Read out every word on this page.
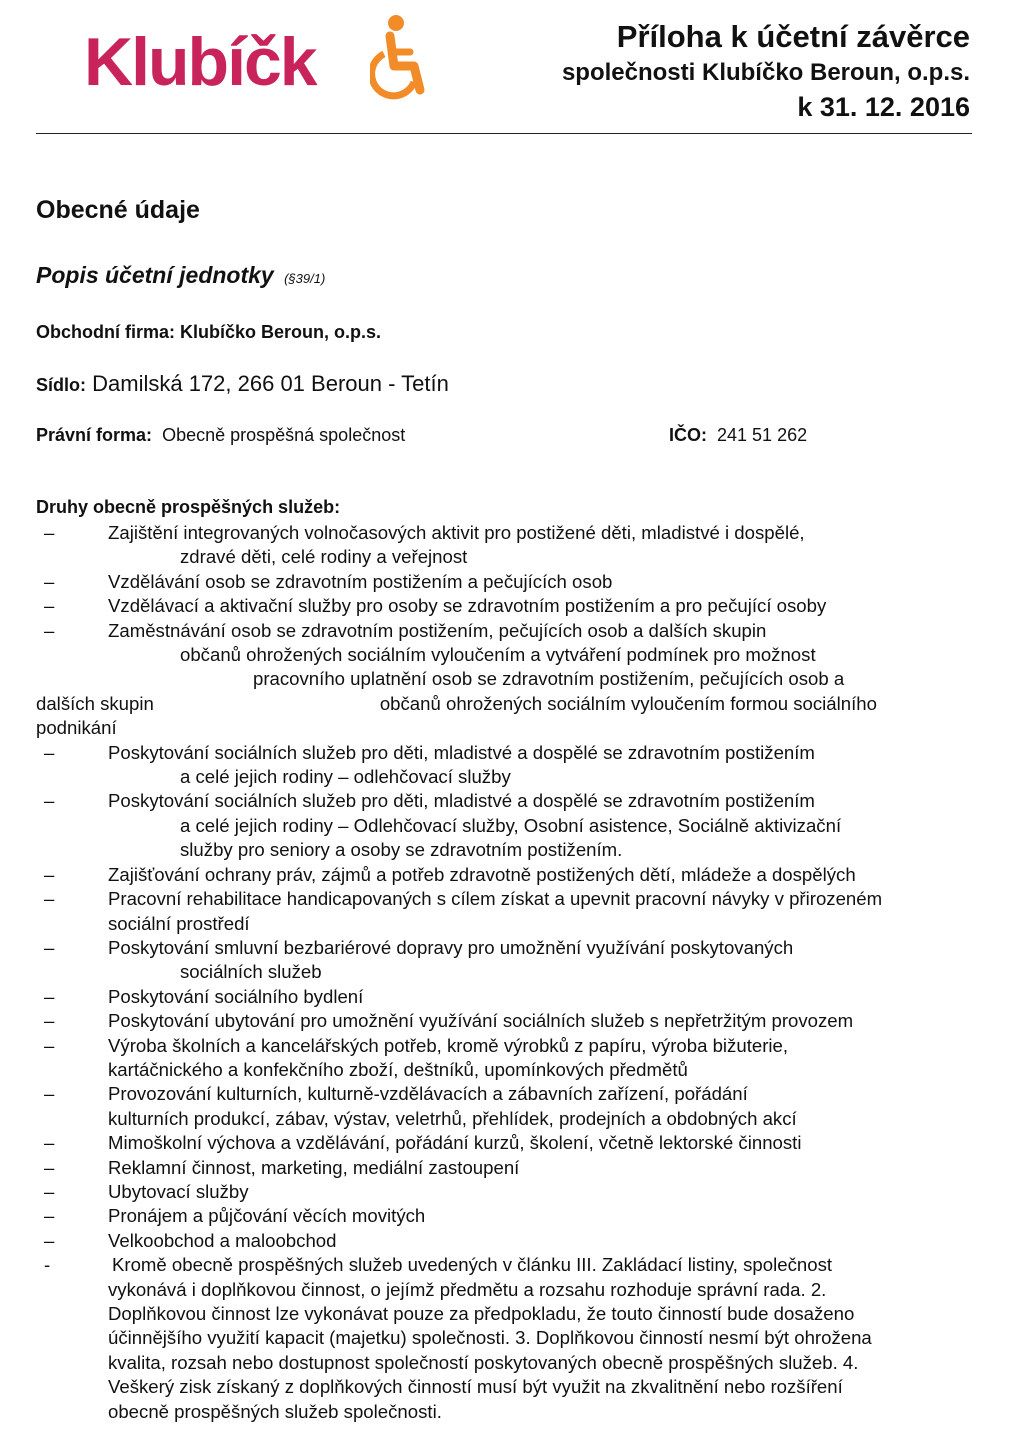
Klubíčk	Příloha k účetní závěrce
společnosti Klubíčko Beroun, o.p.s.
k 31. 12. 2016
Obecné údaje
Popis účetní jednotky (§39/1)
Obchodní firma: Klubíčko Beroun, o.p.s.
Sídlo: Damilská 172, 266 01 Beroun - Tetín
Právní forma: Obecně prospěšná společnost	IČO: 241 51 262
Druhy obecně prospěšných služeb:
–	Zajištění integrovaných volnočasových aktivit pro postižené děti, mladistvé i dospělé,
zdravé děti, celé rodiny a veřejnost
–	Vzdělávání osob se zdravotním postižením a pečujících osob
–	Vzdělávací a aktivační služby pro osoby se zdravotním postižením a pro pečující osoby
–	Zaměstnávání osob se zdravotním postižením, pečujících osob a dalších skupin
občanů ohrožených sociálním vyloučením a vytváření podmínek pro možnost
pracovního uplatnění osob se zdravotním postižením, pečujících osob a
dalších skupin	občanů ohrožených sociálním vyloučením formou sociálního
podnikání
–	Poskytování sociálních služeb pro děti, mladistvé a dospělé se zdravotním postižením
a celé jejich rodiny – odlehčovací služby
–	Poskytování sociálních služeb pro děti, mladistvé a dospělé se zdravotním postižením
a celé jejich rodiny – Odlehčovací služby, Osobní asistence, Sociálně aktivizační
služby pro seniory a osoby se zdravotním postižením.
–	Zajišťování ochrany práv, zájmů a potřeb zdravotně postižených dětí, mládeže a dospělých
–	Pracovní rehabilitace handicapovaných s cílem získat a upevnit pracovní návyky v přirozeném
sociální prostředí
–	Poskytování smluvní bezbariérové dopravy pro umožnění využívání poskytovaných
sociálních služeb
–	Poskytování sociálního bydlení
–	Poskytování ubytování pro umožnění využívání sociálních služeb s nepřetržitým provozem
–	Výroba školních a kancelářských potřeb, kromě výrobků z papíru, výroba bižuterie,
kartáčnického a konfekčního zboží, deštníků, upomínkových předmětů
–	Provozování kulturních, kulturně-vzdělávacích a zábavních zařízení, pořádání
kulturních produkcí, zábav, výstav, veletrhů, přehlídek, prodejních a obdobných akcí
–	Mimoškolní výchova a vzdělávání, pořádání kurzů, školení, včetně lektorské činnosti
–	Reklamní činnost, marketing, mediální zastoupení
–	Ubytovací služby
–	Pronájem a půjčování věcích movitých
–	Velkoobchod a maloobchod
-	Kromě obecně prospěšných služeb uvedených v článku III. Zakládací listiny, společnost
vykonává i doplňkovou činnost, o jejímž předmětu a rozsahu rozhoduje správní rada. 2.
Doplňkovou činnost lze vykonávat pouze za předpokladu, že touto činností bude dosaženo
účinnějšího využití kapacit (majetku) společnosti. 3. Doplňkovou činností nesmí být ohrožena
kvalita, rozsah nebo dostupnost společností poskytovaných obecně prospěšných služeb. 4.
Veškerý zisk získaný z doplňkových činností musí být využit na zkvalitnění nebo rozšíření
obecně prospěšných služeb společnosti.
